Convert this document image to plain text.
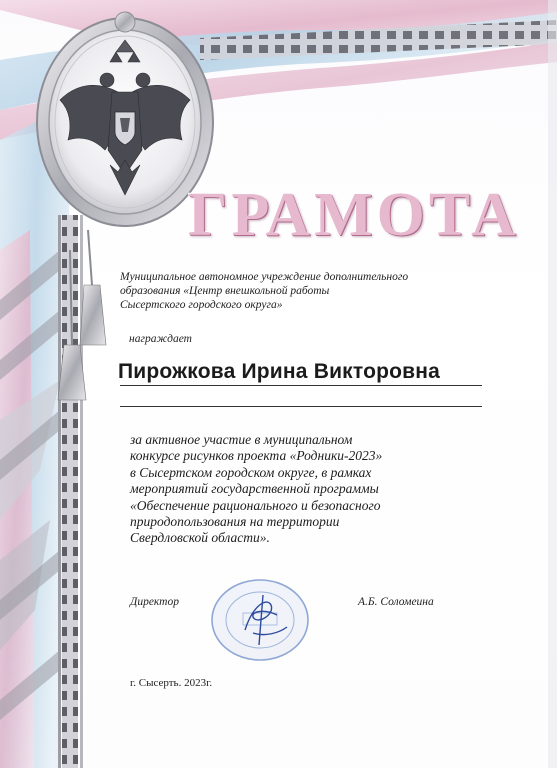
ГРАМОТА
Муниципальное автономное учреждение дополнительного
образования «Центр внешкольной работы
Сысертского городского округа»
награждает
Пирожкова Ирина Викторовна
за активное участие в муниципальном
конкурсе рисунков проекта «Родники-2023»
в Сысертском городском округе, в рамках
мероприятий государственной программы
«Обеспечение рационального и безопасного
природопользования на территории
Свердловской области».
Директор	А.Б. Соломеина
г. Сысерть. 2023г.
